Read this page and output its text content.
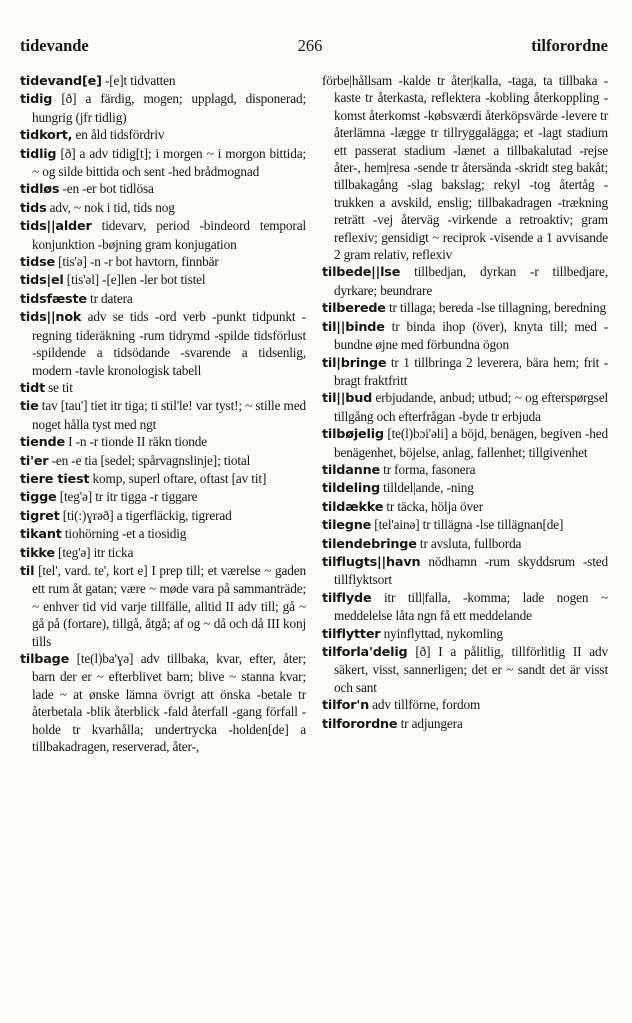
tidevande	266	tilforordne

tidevand[e] -[e]t tidvatten

tidig [ð] a färdig, mogen; upplagd, disponerad; hungrig (jfr tidlig)

tidkort, en åld tidsfördriv

tidlig [ð] a adv tidig[t]; i morgen ~ i morgon bittida; ~ og silde bittida och sent -hed brådmognad

tidløs -en -er bot tidlösa

tids adv, ~ nok i tid, tids nog

tids||alder tidevarv, period -bindeord temporal konjunktion -bøjning gram konjugation

tidse [tis'ə] -n -r bot havtorn, finnbär

tids|el [tis'əl] -[e]len -ler bot tistel

tidsfæste tr datera

tids||nok adv se tids -ord verb -punkt tidpunkt -regning tideräkning -rum tidrymd -spilde tidsförlust -spildende a tidsödande -svarende a tidsenlig, modern -tavle kronologisk tabell

tidt se tit

tie tav [tau'] tiet itr tiga; ti stil'le! var tyst!; ~ stille med noget hålla tyst med ngt

tiende I -n -r tionde II räkn tionde

ti'er -en -e tia [sedel; spårvagnslinje]; tiotal

tiere tiest komp, superl oftare, oftast [av tit]

tigge [teg'ə] tr itr tigga -r tiggare

tigret [ti(:)ɣrəð] a tigerfläckig, tigrerad

tikant tiohörning -et a tiosidig

tikke [teg'ə] itr ticka

til [tel', vard. te', kort e] I prep till; et værelse ~ gaden ett rum åt gatan; være ~ møde vara på sammanträde; ~ enhver tid vid varje tillfälle, alltid II adv till; gå ~ gå på (fortare), tillgå, åtgå; af og ~ då och då III konj tills

tilbage [te(l)ba'ɣə] adv tillbaka, kvar, efter, åter; barn der er ~ efterblivet barn; blive ~ stanna kvar; lade ~ at ønske lämna övrigt att önska -betale tr återbetala -blik återblick -fald återfall -gang förfall -holde tr kvarhålla; undertrycka -holden[de] a tillbakadragen, reserverad, åter-,

förbe|hållsam -kalde tr åter|kalla, -taga, ta tillbaka -kaste tr återkasta, reflektera -kobling återkoppling -komst återkomst -købsværdi återköpsvärde -levere tr återlämna -lægge tr tillryggalägga; et -lagt stadium ett passerat stadium -lænet a tillbakalutad -rejse åter-, hem|resa -sende tr återsända -skridt steg bakåt; tillbakagång -slag bakslag; rekyl -tog återtåg -trukken a avskild, enslig; tillbakadragen -trækning reträtt -vej återväg -virkende a retroaktiv; gram reflexiv; gensidigt ~ reciprok -visende a 1 avvisande 2 gram relativ, reflexiv

tilbede||lse tillbedjan, dyrkan -r tillbedjare, dyrkare; beundrare

tilberede tr tillaga; bereda -lse tillagning, beredning

til||binde tr binda ihop (över), knyta till; med -bundne øjne med förbundna ögon

til|bringe tr 1 tillbringa 2 leverera, bära hem; frit -bragt fraktfritt

til||bud erbjudande, anbud; utbud; ~ og efterspørgsel tillgång och efterfrågan -byde tr erbjuda

tilbøjelig [te(l)bɔi'əli] a böjd, benägen, begiven -hed benägenhet, böjelse, anlag, fallenhet; tillgivenhet

tildanne tr forma, fasonera

tildeling tilldel|ande, -ning

tildække tr täcka, hölja över

tilegne [tel'ainə] tr tillägna -lse tillägnan[de]

tilendebringe tr avsluta, fullborda

tilflugts||havn nödhamn -rum skyddsrum -sted tillflyktsort

tilflyde itr till|falla, -komma; lade nogen ~ meddelelse låta ngn få ett meddelande

tilflytter nyinflyttad, nykomling

tilforla'delig [ð] I a pålitlig, tillförlitlig II adv säkert, visst, sannerligen; det er ~ sandt det är visst och sant

tilfor'n adv tillförne, fordom

tilforordne tr adjungera
